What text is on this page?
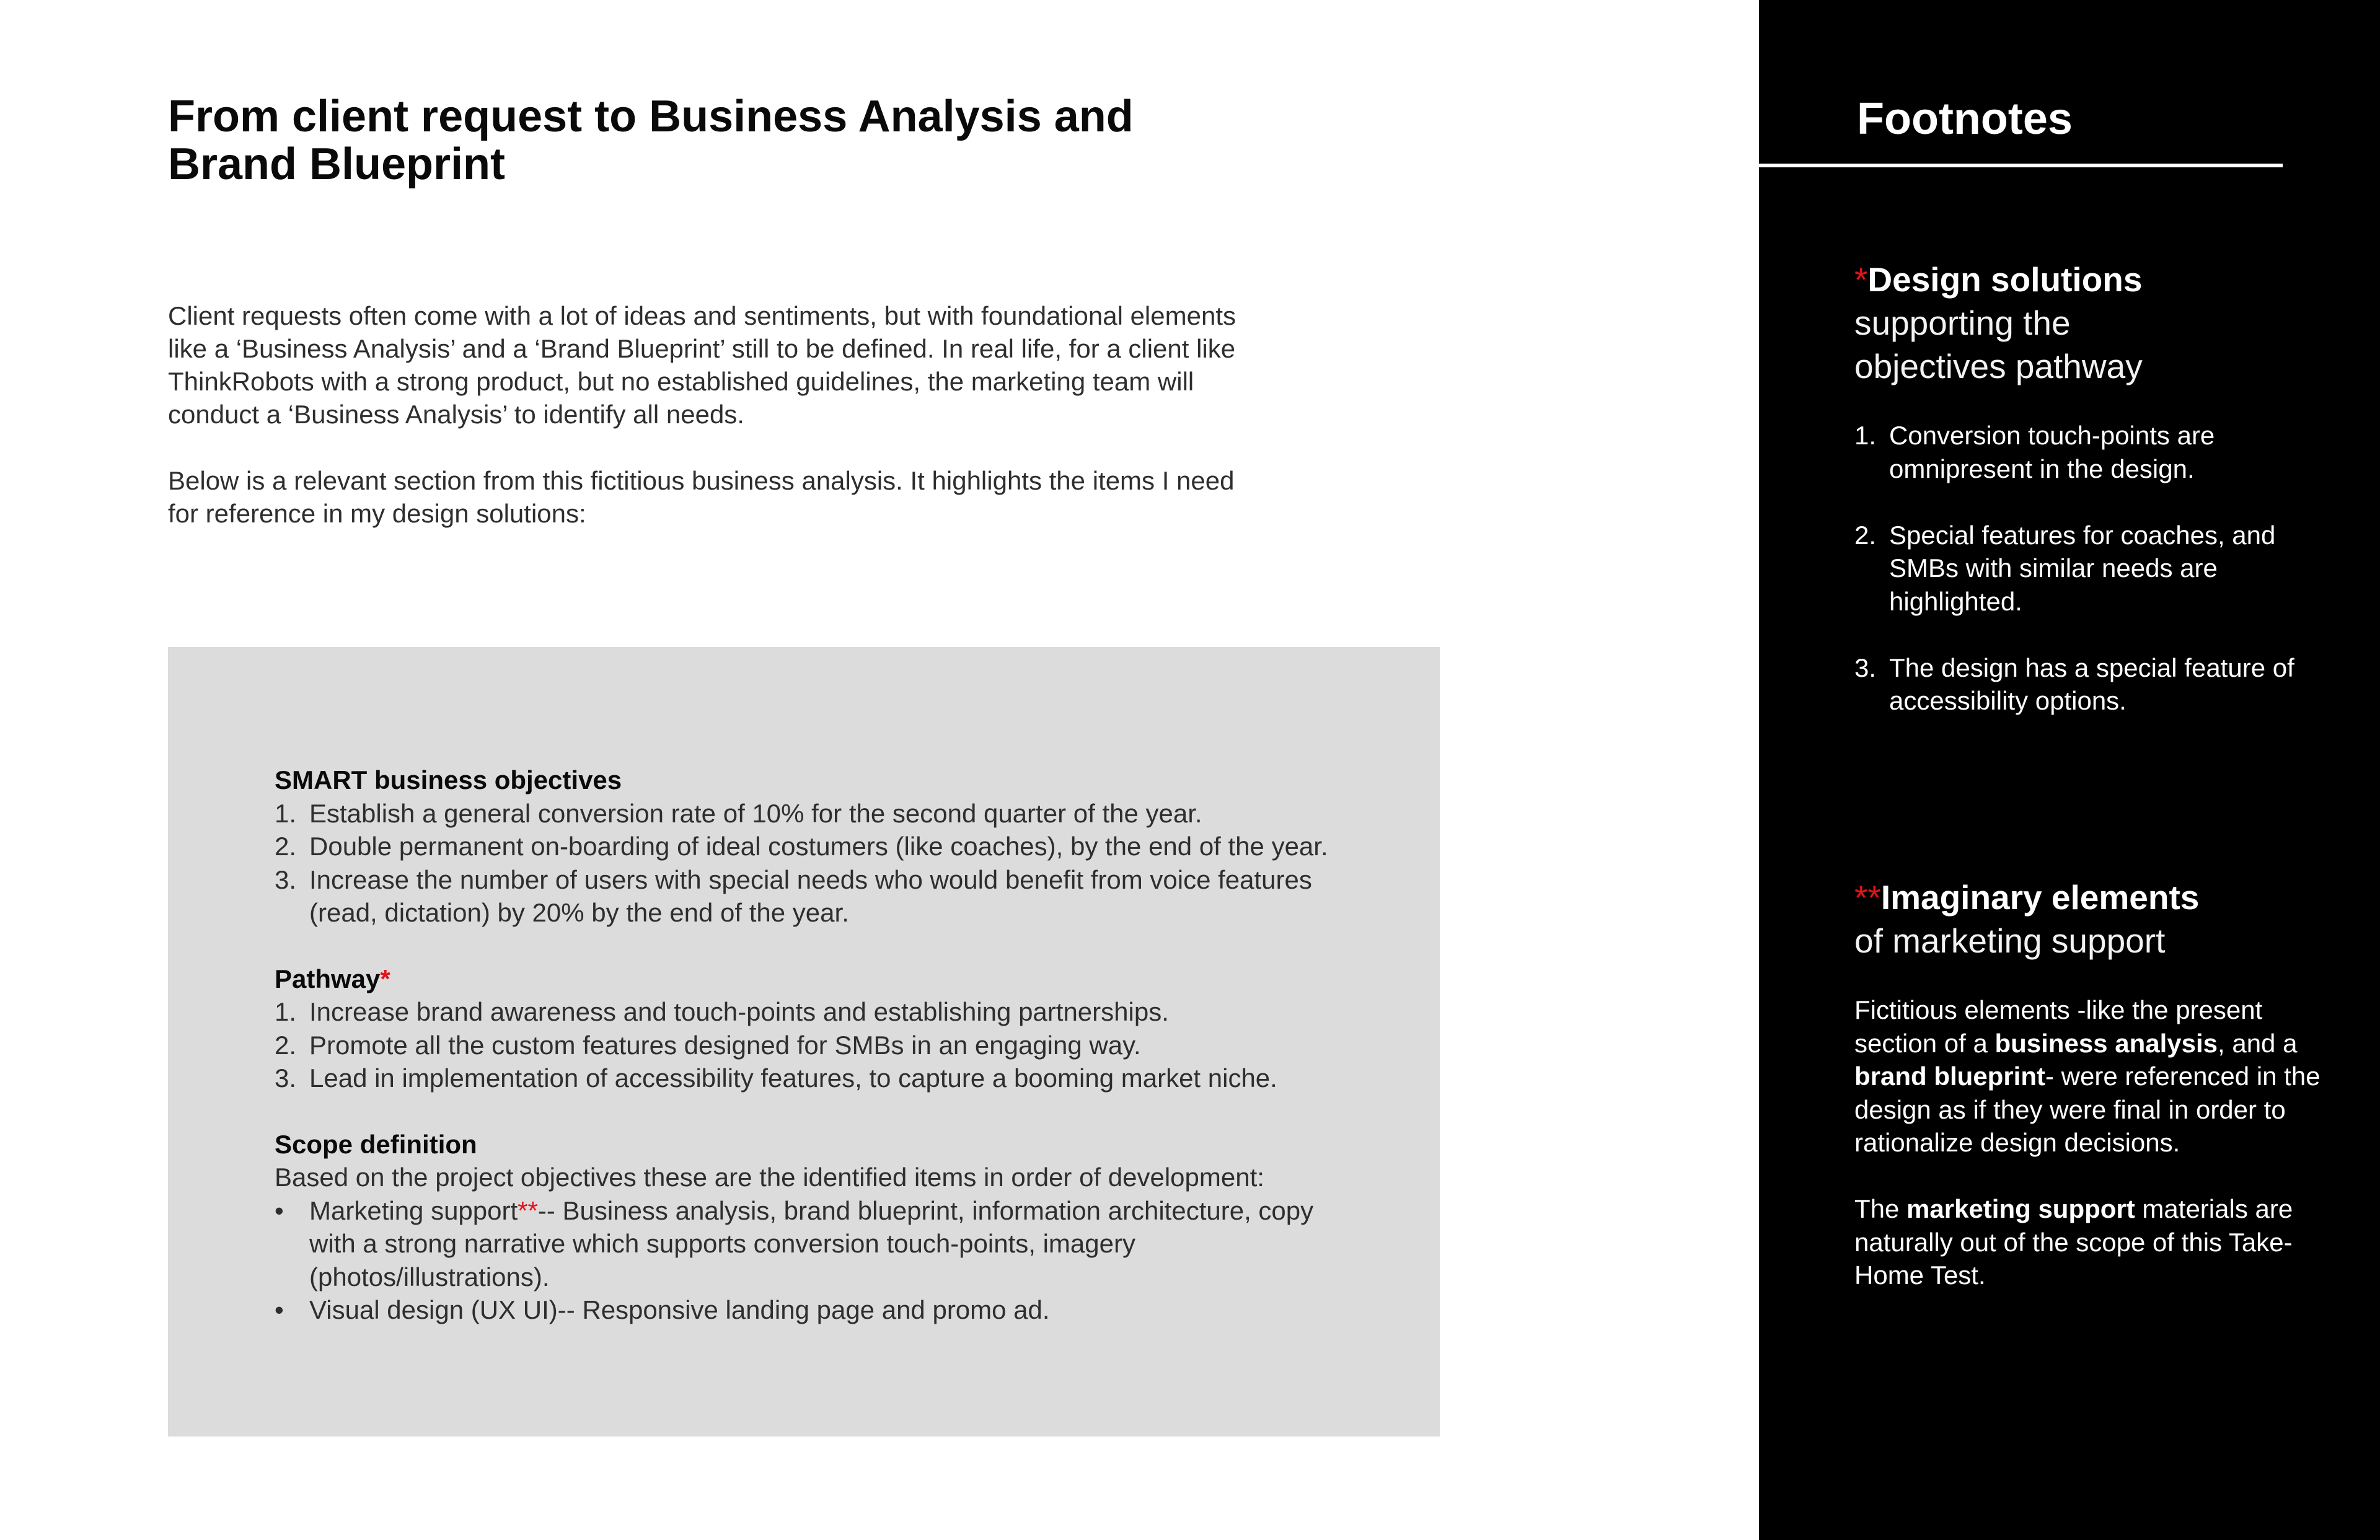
From client request to Business Analysis and Brand Blueprint

Client requests often come with a lot of ideas and sentiments, but with foundational elements like a ‘Business Analysis’ and a ‘Brand Blueprint’ still to be defined. In real life, for a client like ThinkRobots with a strong product, but no established guidelines, the marketing team will conduct a ‘Business Analysis’ to identify all needs.

Below is a relevant section from this fictitious business analysis. It highlights the items I need for reference in my design solutions:

SMART business objectives
1. Establish a general conversion rate of 10% for the second quarter of the year.
2. Double permanent on-boarding of ideal costumers (like coaches), by the end of the year.
3. Increase the number of users with special needs who would benefit from voice features (read, dictation) by 20% by the end of the year.
Pathway*
1. Increase brand awareness and touch-points and establishing partnerships.
2. Promote all the custom features designed for SMBs in an engaging way.
3. Lead in implementation of accessibility features, to capture a booming market niche.
Scope definition
Based on the project objectives these are the identified items in order of development:
• Marketing support**-- Business analysis, brand blueprint, information architecture, copy with a strong narrative which supports conversion touch-points, imagery (photos/illustrations).
• Visual design (UX UI)-- Responsive landing page and promo ad.
Footnotes
*Design solutions
supporting the
objectives pathway
1. Conversion touch-points are omnipresent in the design.
2. Special features for coaches, and SMBs with similar needs are highlighted.
3. The design has a special feature of accessibility options.
**Imaginary elements
of marketing support

Fictitious elements -like the present section of a business analysis, and a brand blueprint- were referenced in the design as if they were final in order to rationalize design decisions.

The marketing support materials are naturally out of the scope of this Take-Home Test.
